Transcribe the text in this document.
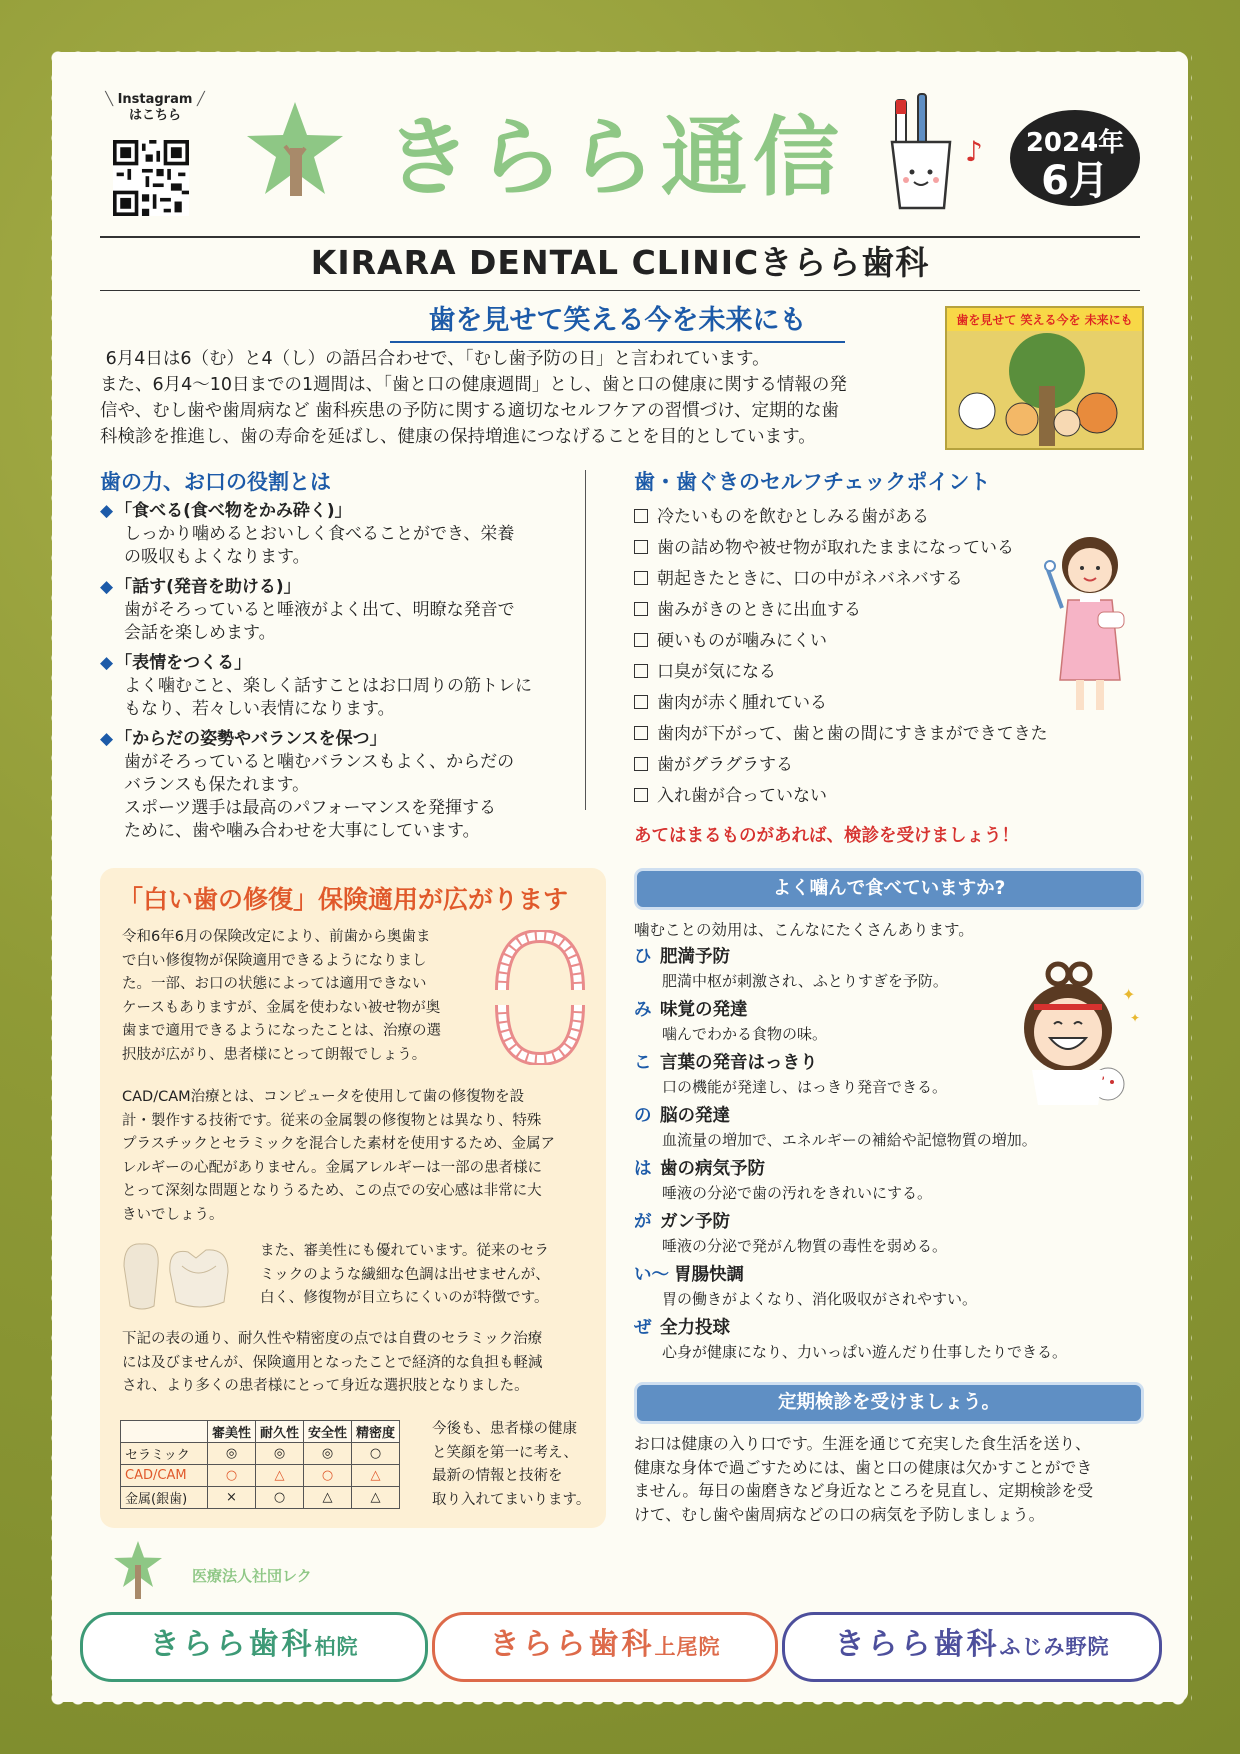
╲ Instagram ╱
はこちら	きらら通信	♪	2024年
6月
KIRARA DENTAL CLINICきらら歯科
歯を見せて笑える今を未来にも	歯を見せて 笑える今を 未来にも

6月4日は6（む）と4（し）の語呂合わせで、「むし歯予防の日」と言われています。

また、6月4〜10日までの1週間は、「歯と口の健康週間」とし、歯と口の健康に関する情報の発

信や、むし歯や歯周病など 歯科疾患の予防に関する適切なセルフケアの習慣づけ、定期的な歯

科検診を推進し、歯の寿命を延ばし、健康の保持増進につなげることを目的としています。

歯の力、お口の役割とは
◆ 「食べる(食べ物をかみ砕く)」
しっかり噛めるとおいしく食べることができ、栄養
の吸収もよくなります。
◆ 「話す(発音を助ける)」
歯がそろっていると唾液がよく出て、明瞭な発音で
会話を楽しめます。
◆ 「表情をつくる」
よく噛むこと、楽しく話すことはお口周りの筋トレに
もなり、若々しい表情になります。
◆ 「からだの姿勢やバランスを保つ」
歯がそろっていると噛むバランスもよく、からだの
バランスも保たれます。
スポーツ選手は最高のパフォーマンスを発揮する
ために、歯や噛み合わせを大事にしています。
歯・歯ぐきのセルフチェックポイント
冷たいものを飲むとしみる歯がある
歯の詰め物や被せ物が取れたままになっている
朝起きたときに、口の中がネバネバする
歯みがきのときに出血する
硬いものが噛みにくい
口臭が気になる
歯肉が赤く腫れている
歯肉が下がって、歯と歯の間にすきまができてきた
歯がグラグラする
入れ歯が合っていない
あてはまるものがあれば、検診を受けましょう！
「白い歯の修復」保険適用が広がります
令和6年6月の保険改定により、前歯から奥歯ま
で白い修復物が保険適用できるようになりまし
た。一部、お口の状態によっては適用できない
ケースもありますが、金属を使わない被せ物が奥
歯まで適用できるようになったことは、治療の選
択肢が広がり、患者様にとって朗報でしょう。
CAD/CAM治療とは、コンピュータを使用して歯の修復物を設
計・製作する技術です。従来の金属製の修復物とは異なり、特殊
プラスチックとセラミックを混合した素材を使用するため、金属ア
レルギーの心配がありません。金属アレルギーは一部の患者様に
とって深刻な問題となりうるため、この点での安心感は非常に大
きいでしょう。
また、審美性にも優れています。従来のセラ
ミックのような繊細な色調は出せませんが、
白く、修復物が目立ちにくいのが特徴です。
下記の表の通り、耐久性や精密度の点では自費のセラミック治療
には及びませんが、保険適用となったことで経済的な負担も軽減
され、より多くの患者様にとって身近な選択肢となりました。
	審美性	耐久性	安全性	精密度
セラミック	◎	◎	◎	○
CAD/CAM	○	△	○	△
金属(銀歯)	×	○	△	△
今後も、患者様の健康
と笑顔を第一に考え、
最新の情報と技術を
取り入れてまいります。
よく噛んで食べていますか?
噛むことの効用は、こんなにたくさんあります。
ひ 肥満予防
肥満中枢が刺激され、ふとりすぎを予防。
み 味覚の発達
噛んでわかる食物の味。
こ 言葉の発音はっきり
口の機能が発達し、はっきり発音できる。
の 脳の発達
血流量の増加で、エネルギーの補給や記憶物質の増加。
は 歯の病気予防
唾液の分泌で歯の汚れをきれいにする。
が ガン予防
唾液の分泌で発がん物質の毒性を弱める。
い〜 胃腸快調
胃の働きがよくなり、消化吸収がされやすい。
ぜ 全力投球
心身が健康になり、力いっぱい遊んだり仕事したりできる。
✦
✦
定期検診を受けましょう。
お口は健康の入り口です。生涯を通じて充実した食生活を送り、
健康な身体で過ごすためには、歯と口の健康は欠かすことができ
ません。毎日の歯磨きなど身近なところを見直し、定期検診を受
けて、むし歯や歯周病などの口の病気を予防しましょう。
医療法人社団レク
きらら歯科柏院	きらら歯科上尾院	きらら歯科ふじみ野院
